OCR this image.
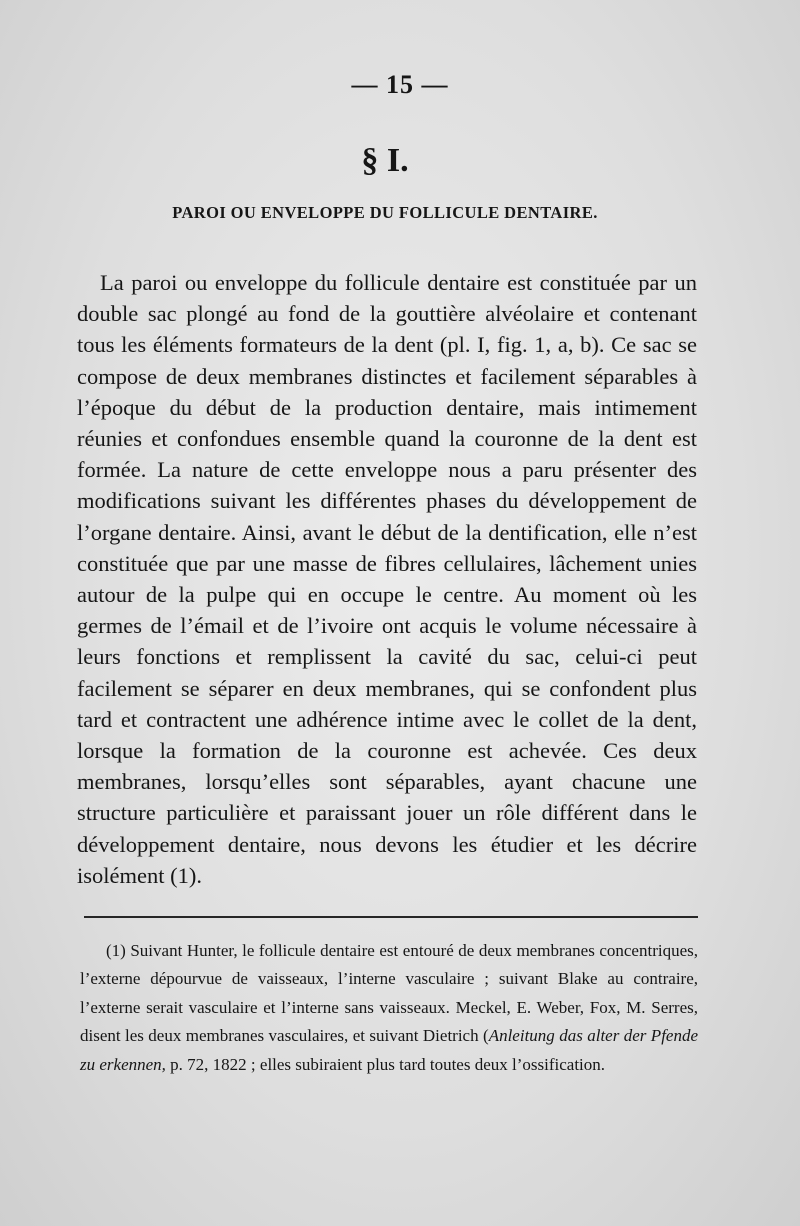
— 15 —
§ I.
PAROI OU ENVELOPPE DU FOLLICULE DENTAIRE.

La paroi ou enveloppe du follicule dentaire est constituée par un double sac plongé au fond de la gouttière alvéolaire et contenant tous les éléments formateurs de la dent (pl. I, fig. 1, a, b). Ce sac se compose de deux membranes distinctes et facilement séparables à l’époque du début de la production dentaire, mais intimement réunies et confondues ensemble quand la couronne de la dent est formée. La nature de cette enveloppe nous a paru présenter des modifications suivant les différentes phases du développement de l’organe dentaire. Ainsi, avant le début de la dentification, elle n’est constituée que par une masse de fibres cellulaires, lâchement unies autour de la pulpe qui en occupe le centre. Au moment où les germes de l’émail et de l’ivoire ont acquis le volume nécessaire à leurs fonctions et remplissent la cavité du sac, celui-ci peut facilement se séparer en deux membranes, qui se confondent plus tard et contractent une adhérence intime avec le collet de la dent, lorsque la formation de la couronne est achevée. Ces deux membranes, lorsqu’elles sont séparables, ayant chacune une structure particulière et paraissant jouer un rôle différent dans le développement dentaire, nous devons les étudier et les décrire isolément (1).

(1) Suivant Hunter, le follicule dentaire est entouré de deux membranes concentriques, l’externe dépourvue de vaisseaux, l’interne vasculaire ; suivant Blake au contraire, l’externe serait vasculaire et l’interne sans vaisseaux. Meckel, E. Weber, Fox, M. Serres, disent les deux membranes vasculaires, et suivant Dietrich (Anleitung das alter der Pfende zu erkennen, p. 72, 1822 ; elles subiraient plus tard toutes deux l’ossification.
